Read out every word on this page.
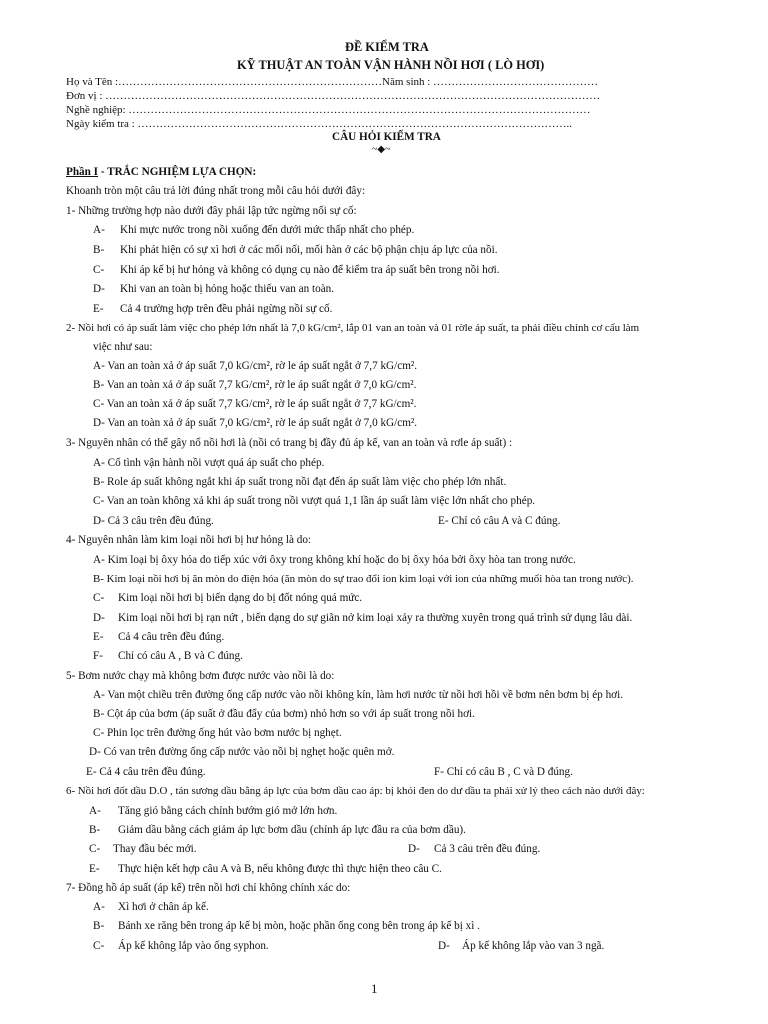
ĐỀ KIỂM TRA
KỸ THUẬT AN TOÀN VẬN HÀNH NỒI HƠI ( LÒ HƠI)
Họ và Tên :………………………………………………………………Năm sinh : ………………………………………
Đơn vị : ………………………………………………………………………………………………………………………
Nghề nghiệp: ………………………………………………………………………………………………………………
Ngày kiểm tra : ………………………………………………………………………………………………………..
CÂU HỎI KIỂM TRA
~◆~
Phần I - TRẮC NGHIỆM LỰA CHỌN:
Khoanh tròn một câu trả lời đúng nhất trong mỗi câu hỏi dưới đây:
1- Những trường hợp nào dưới đây phải lập tức ngừng nối sự cố:
A- Khi mực nước trong nồi xuống đến dưới mức thấp nhất cho phép.
B- Khi phát hiện có sự xì hơi ở các mối nối, mối hàn ở các bộ phận chịu áp lực của nồi.
C- Khi áp kế bị hư hỏng và không có dụng cụ nào để kiểm tra áp suất bên trong nồi hơi.
D- Khi van an toàn bị hỏng hoặc thiếu van an toàn.
E- Cả 4 trường hợp trên đều phải ngừng nồi sự cố.
2- Nồi hơi có áp suất làm việc cho phép lớn nhất là 7,0 kG/cm², lắp 01 van an toàn và 01 rờle áp suất, ta phải điều chỉnh cơ cấu làm
việc như sau:
A- Van an toàn xả ở áp suất 7,0 kG/cm², rờ le áp suất ngắt ở 7,7 kG/cm².
B- Van an toàn xả ở áp suất 7,7 kG/cm², rờ le áp suất ngắt ở 7,0 kG/cm².
C- Van an toàn xả ở áp suất 7,7 kG/cm², rờ le áp suất ngắt ở 7,7 kG/cm².
D- Van an toàn xả ở áp suất 7,0 kG/cm², rờ le áp suất ngắt ở 7,0 kG/cm².
3- Nguyên nhân có thể gây nổ nồi hơi là (nồi có trang bị đầy đủ áp kế, van an toàn và rơle áp suất) :
A- Cố tình vận hành nồi vượt quá áp suất cho phép.
B- Role áp suất không ngắt khi áp suất trong nồi đạt đến áp suất làm việc cho phép lớn nhất.
C- Van an toàn không xả khi áp suất trong nồi vượt quá 1,1 lần áp suất làm việc lớn nhất cho phép.
D- Cả 3 câu trên đều đúng.	E- Chỉ có câu A và C đúng.
4- Nguyên nhân làm kim loại nồi hơi bị hư hỏng là do:
A- Kim loại bị ôxy hóa do tiếp xúc với ôxy trong không khí hoặc do bị ôxy hóa bởi ôxy hòa tan trong nước.
B- Kim loại nồi hơi bị ăn mòn do điện hóa (ăn mòn do sự trao đổi ion kim loại với ion của những muối hòa tan trong nước).
C- Kim loại nồi hơi bị biến dạng do bị đốt nóng quá mức.
D- Kim loại nồi hơi bị rạn nứt , biến dạng do sự giãn nở kim loại xảy ra thường xuyên trong quá trình sử dụng lâu dài.
E- Cả 4 câu trên đều đúng.
F- Chỉ có câu A , B và C đúng.
5- Bơm nước chạy mà không bơm được nước vào nồi là do:
A- Van một chiều trên đường ống cấp nước vào nồi không kín, làm hơi nước từ nồi hơi hồi về bơm nên bơm bị ép hơi.
B- Cột áp của bơm (áp suất ở đầu đẩy của bơm) nhỏ hơn so với áp suất trong nồi hơi.
C- Phin lọc trên đường ống hút vào bơm nước bị nghẹt.
D- Có van trên đường ống cấp nước vào nồi bị nghẹt hoặc quên mở.
E- Cả 4 câu trên đều đúng.	F- Chỉ có câu B , C và D đúng.
6- Nồi hơi đốt dầu D.O , tán sương dầu bằng áp lực của bơm dầu cao áp: bị khói đen do dư dầu ta phải xử lý theo cách nào dưới đây:
A- Tăng gió bằng cách chỉnh bướm gió mở lớn hơn.
B- Giảm dầu bằng cách giảm áp lực bơm dầu (chỉnh áp lực đầu ra của bơm dầu).
C- Thay đầu béc mới.	D- Cả 3 câu trên đều đúng.
E- Thực hiện kết hợp câu A và B, nếu không được thì thực hiện theo câu C.
7- Đồng hồ áp suất (áp kế) trên nồi hơi chỉ không chính xác do:
A- Xì hơi ở chân áp kế.
B- Bánh xe răng bên trong áp kế bị mòn, hoặc phần ống cong bên trong áp kế bị xì .
C- Áp kế không lắp vào ống syphon.	D- Áp kế không lắp vào van 3 ngã.
1
